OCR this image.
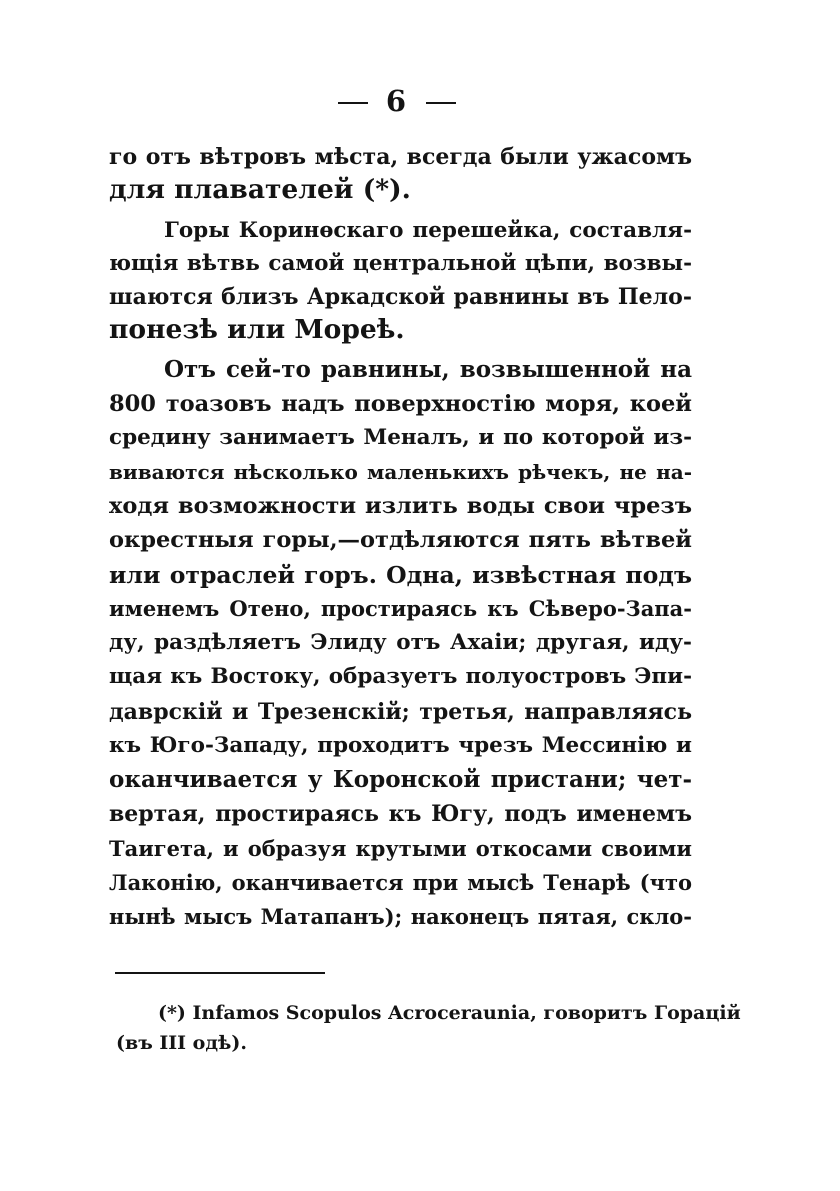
6
го отъ вѣтровъ мѣста, всегда были ужасомъ
для плавателей (*).
Горы Коринѳскаго перешейка, составля-
ющія вѣтвь самой центральной цѣпи, возвы-
шаются близъ Аркадской равнины въ Пело-
понезѣ или Мореѣ.
Отъ сей-то равнины, возвышенной на
800 тоазовъ надъ поверхностію моря, коей
средину занимаетъ Меналъ, и по которой из-
виваются нѣсколько маленькихъ рѣчекъ, не на-
ходя возможности излить воды свои чрезъ
окрестныя горы,—отдѣляются пять вѣтвей
или отраслей горъ. Одна, извѣстная подъ
именемъ Отено, простираясь къ Сѣверо-Запа-
ду, раздѣляетъ Элиду отъ Ахаіи; другая, иду-
щая къ Востоку, образуетъ полуостровъ Эпи-
даврскій и Трезенскій; третья, направляясь
къ Юго-Западу, проходитъ чрезъ Мессинію и
оканчивается у Коронской пристани; чет-
вертая, простираясь къ Югу, подъ именемъ
Таигета, и образуя крутыми откосами своими
Лаконію, оканчивается при мысѣ Тенарѣ (что
нынѣ мысъ Матапанъ); наконецъ пятая, скло-
(*) Infamos Scopulos Acroceraunia, говоритъ Горацій
(въ III одѣ).
